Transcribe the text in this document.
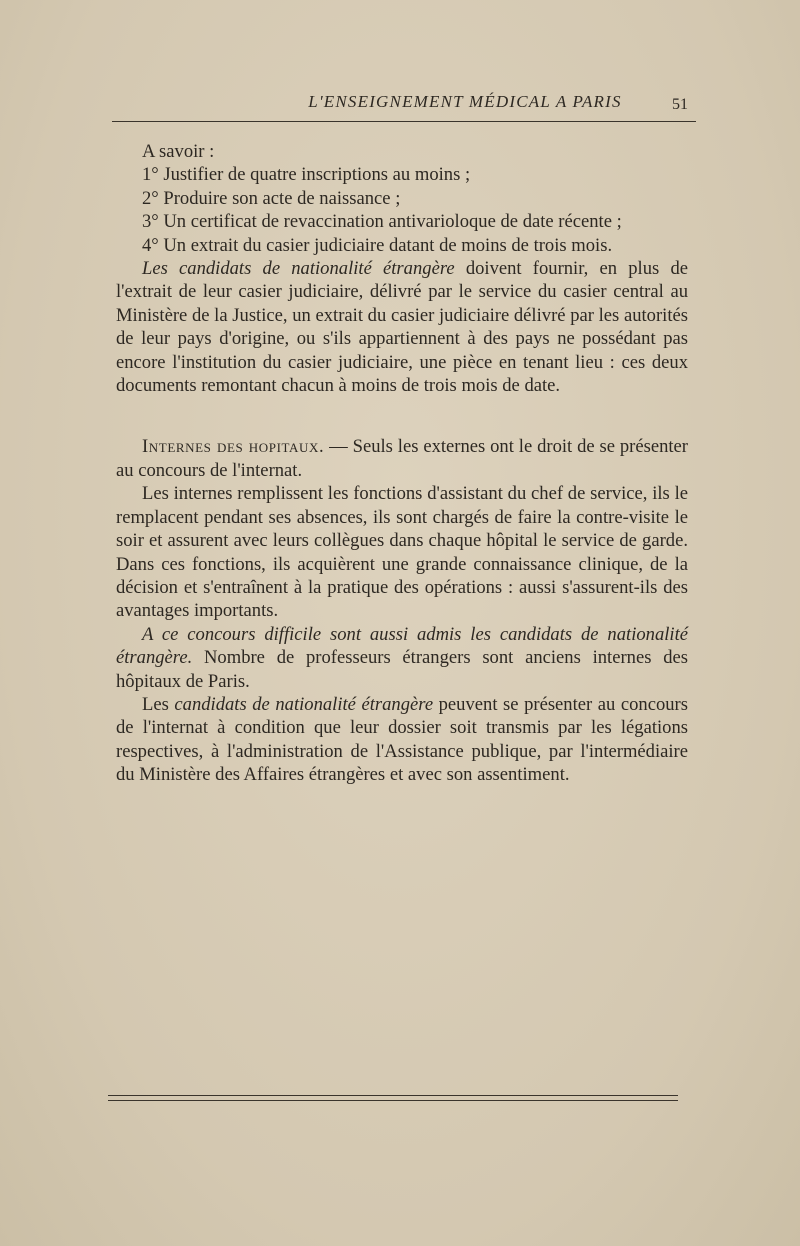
L'ENSEIGNEMENT MÉDICAL A PARIS	51

A savoir :

1° Justifier de quatre inscriptions au moins ;

2° Produire son acte de naissance ;

3° Un certificat de revaccination antivarioloque de date récente ;

4° Un extrait du casier judiciaire datant de moins de trois mois.

Les candidats de nationalité étrangère doivent fournir, en plus de l'extrait de leur casier judiciaire, délivré par le service du casier central au Ministère de la Justice, un extrait du casier judiciaire délivré par les autorités de leur pays d'origine, ou s'ils appartiennent à des pays ne possédant pas encore l'institution du casier judiciaire, une pièce en tenant lieu : ces deux documents remontant chacun à moins de trois mois de date.

Internes des hopitaux. — Seuls les externes ont le droit de se présenter au concours de l'internat.

Les internes remplissent les fonctions d'assistant du chef de service, ils le remplacent pendant ses absences, ils sont chargés de faire la contre-visite le soir et assurent avec leurs collègues dans chaque hôpital le service de garde. Dans ces fonctions, ils acquièrent une grande connaissance clinique, de la décision et s'entraînent à la pratique des opérations : aussi s'assurent-ils des avantages importants.

A ce concours difficile sont aussi admis les candidats de nationalité étrangère. Nombre de professeurs étrangers sont anciens internes des hôpitaux de Paris.

Les candidats de nationalité étrangère peuvent se présenter au concours de l'internat à condition que leur dossier soit transmis par les légations respectives, à l'administration de l'Assistance publique, par l'intermédiaire du Ministère des Affaires étrangères et avec son assentiment.
